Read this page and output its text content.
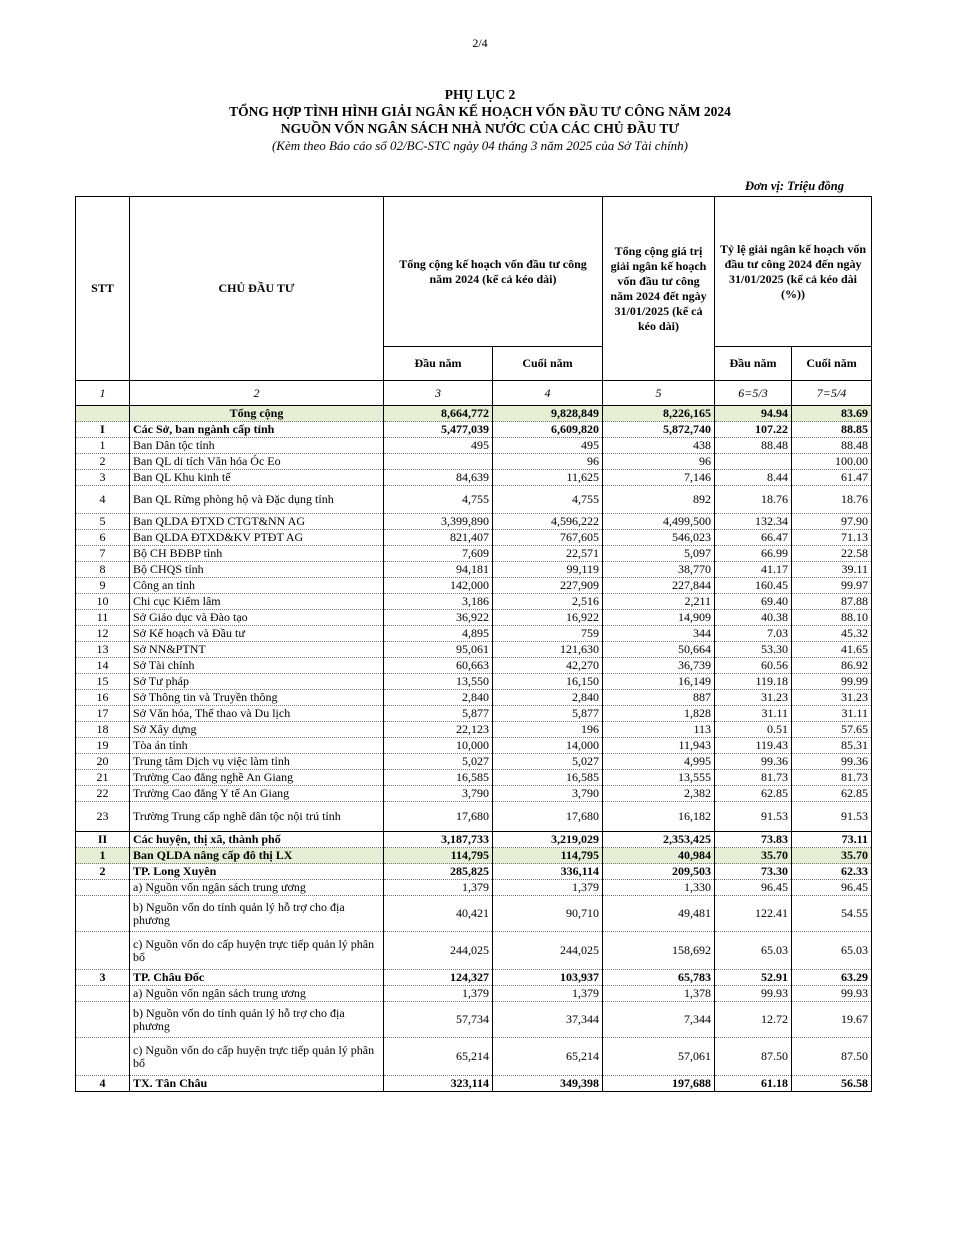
2/4
PHỤ LỤC 2
TỔNG HỢP TÌNH HÌNH GIẢI NGÂN KẾ HOẠCH VỐN ĐẦU TƯ CÔNG NĂM 2024
NGUỒN VỐN NGÂN SÁCH NHÀ NƯỚC CỦA CÁC CHỦ ĐẦU TƯ
(Kèm theo Báo cáo số 02/BC-STC ngày 04 tháng 3 năm 2025 của Sở Tài chính)
Đơn vị: Triệu đồng
STT	CHỦ ĐẦU TƯ	Tổng cộng kế hoạch vốn đầu tư công năm 2024 (kể cả kéo dài)		Tổng cộng giá trị giải ngân kế hoạch vốn đầu tư công năm 2024 đết ngày 31/01/2025 (kể cả kéo dài)	Tỷ lệ giải ngân kế hoạch vốn đầu tư công 2024 đến ngày 31/01/2025 (kể cả kéo dài (%))	
		Đầu năm	Cuối năm		Đầu năm	Cuối năm
1	2	3	4	5	6=5/3	7=5/4
	Tổng cộng	8,664,772	9,828,849	8,226,165	94.94	83.69
I	Các Sở, ban ngành cấp tỉnh	5,477,039	6,609,820	5,872,740	107.22	88.85
1	Ban Dân tộc tỉnh	495	495	438	88.48	88.48
2	Ban QL di tích Văn hóa Óc Eo		96	96		100.00
3	Ban QL Khu kinh tế	84,639	11,625	7,146	8.44	61.47
4	Ban QL Rừng phòng hộ và Đặc dụng tỉnh	4,755	4,755	892	18.76	18.76
5	Ban QLDA ĐTXD CTGT&NN AG	3,399,890	4,596,222	4,499,500	132.34	97.90
6	Ban QLDA ĐTXD&KV PTĐT AG	821,407	767,605	546,023	66.47	71.13
7	Bộ CH BĐBP tỉnh	7,609	22,571	5,097	66.99	22.58
8	Bộ CHQS tỉnh	94,181	99,119	38,770	41.17	39.11
9	Công an tỉnh	142,000	227,909	227,844	160.45	99.97
10	Chi cục Kiểm lâm	3,186	2,516	2,211	69.40	87.88
11	Sở Giáo dục và Đào tạo	36,922	16,922	14,909	40.38	88.10
12	Sở Kế hoạch và Đầu tư	4,895	759	344	7.03	45.32
13	Sở NN&PTNT	95,061	121,630	50,664	53.30	41.65
14	Sở Tài chính	60,663	42,270	36,739	60.56	86.92
15	Sở Tư pháp	13,550	16,150	16,149	119.18	99.99
16	Sở Thông tin và Truyền thông	2,840	2,840	887	31.23	31.23
17	Sở Văn hóa, Thể thao và Du lịch	5,877	5,877	1,828	31.11	31.11
18	Sở Xây dựng	22,123	196	113	0.51	57.65
19	Tòa án tỉnh	10,000	14,000	11,943	119.43	85.31
20	Trung tâm Dịch vụ việc làm tỉnh	5,027	5,027	4,995	99.36	99.36
21	Trường Cao đẳng nghề An Giang	16,585	16,585	13,555	81.73	81.73
22	Trường Cao đẳng Y tế An Giang	3,790	3,790	2,382	62.85	62.85
23	Trường Trung cấp nghề dân tộc nội trú tỉnh	17,680	17,680	16,182	91.53	91.53
II	Các huyện, thị xã, thành phố	3,187,733	3,219,029	2,353,425	73.83	73.11
1	Ban QLDA nâng cấp đô thị LX	114,795	114,795	40,984	35.70	35.70
2	TP. Long Xuyên	285,825	336,114	209,503	73.30	62.33
	a) Nguồn vốn ngân sách trung ương	1,379	1,379	1,330	96.45	96.45
	b) Nguồn vốn do tỉnh quản lý hỗ trợ cho địa phương	40,421	90,710	49,481	122.41	54.55
	c) Nguồn vốn do cấp huyện trực tiếp quản lý phân bổ	244,025	244,025	158,692	65.03	65.03
3	TP. Châu Đốc	124,327	103,937	65,783	52.91	63.29
	a) Nguồn vốn ngân sách trung ương	1,379	1,379	1,378	99.93	99.93
	b) Nguồn vốn do tỉnh quản lý hỗ trợ cho địa phương	57,734	37,344	7,344	12.72	19.67
	c) Nguồn vốn do cấp huyện trực tiếp quản lý phân bổ	65,214	65,214	57,061	87.50	87.50
4	TX. Tân Châu	323,114	349,398	197,688	61.18	56.58
